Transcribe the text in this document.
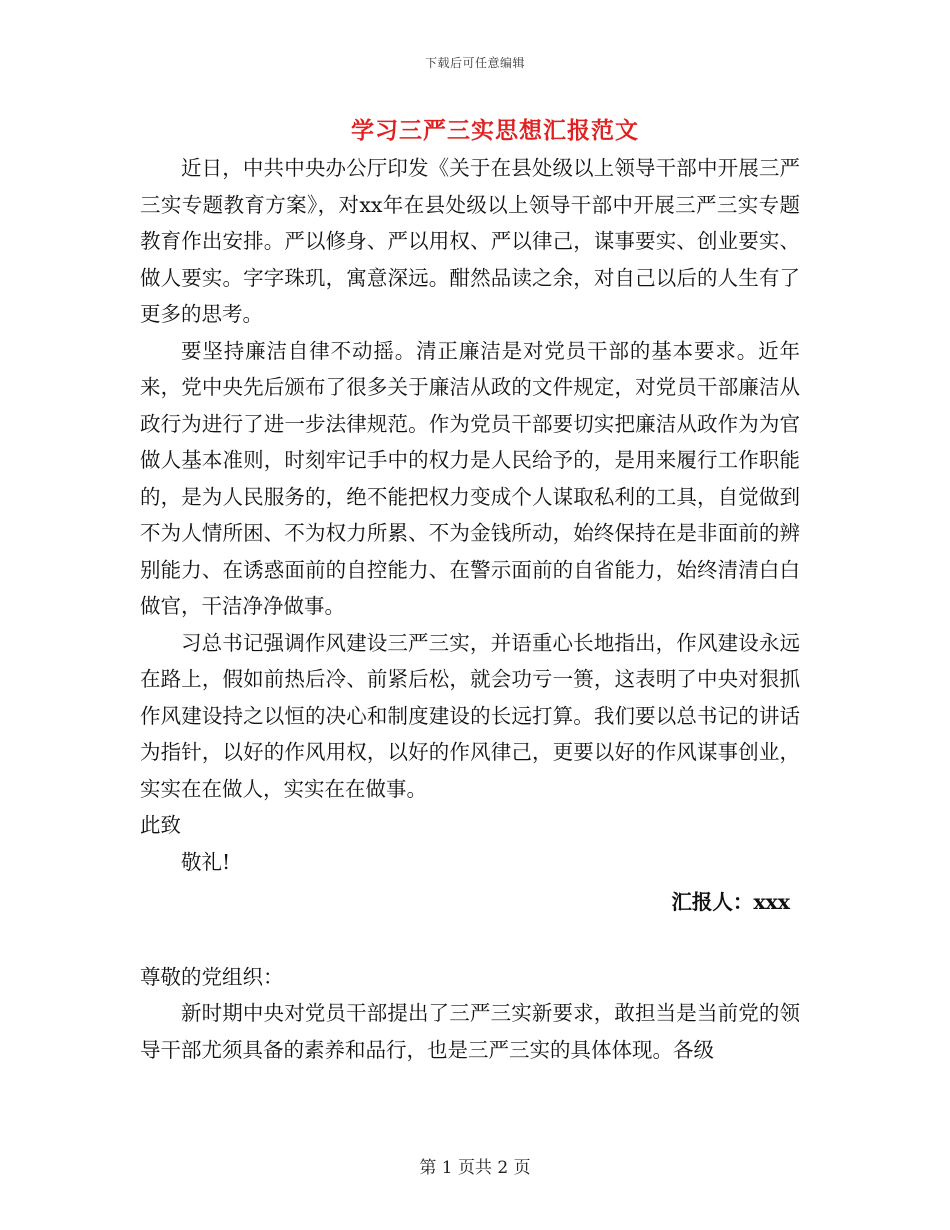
下载后可任意编辑
学习三严三实思想汇报范文

近日，中共中央办公厅印发《关于在县处级以上领导干部中开展三严三实专题教育方案》，对xx年在县处级以上领导干部中开展三严三实专题教育作出安排。严以修身、严以用权、严以律己，谋事要实、创业要实、做人要实。字字珠玑，寓意深远。酣然品读之余，对自己以后的人生有了更多的思考。

要坚持廉洁自律不动摇。清正廉洁是对党员干部的基本要求。近年来，党中央先后颁布了很多关于廉洁从政的文件规定，对党员干部廉洁从政行为进行了进一步法律规范。作为党员干部要切实把廉洁从政作为为官做人基本准则，时刻牢记手中的权力是人民给予的，是用来履行工作职能的，是为人民服务的，绝不能把权力变成个人谋取私利的工具，自觉做到不为人情所困、不为权力所累、不为金钱所动，始终保持在是非面前的辨别能力、在诱惑面前的自控能力、在警示面前的自省能力，始终清清白白做官，干洁净净做事。

习总书记强调作风建设三严三实，并语重心长地指出，作风建设永远在路上，假如前热后冷、前紧后松，就会功亏一篑，这表明了中央对狠抓作风建设持之以恒的决心和制度建设的长远打算。我们要以总书记的讲话为指针，以好的作风用权，以好的作风律己，更要以好的作风谋事创业，实实在在做人，实实在在做事。

此致

敬礼!

汇报人：xxx

尊敬的党组织：

新时期中央对党员干部提出了三严三实新要求，敢担当是当前党的领导干部尤须具备的素养和品行，也是三严三实的具体体现。各级

第 1 页共 2 页
